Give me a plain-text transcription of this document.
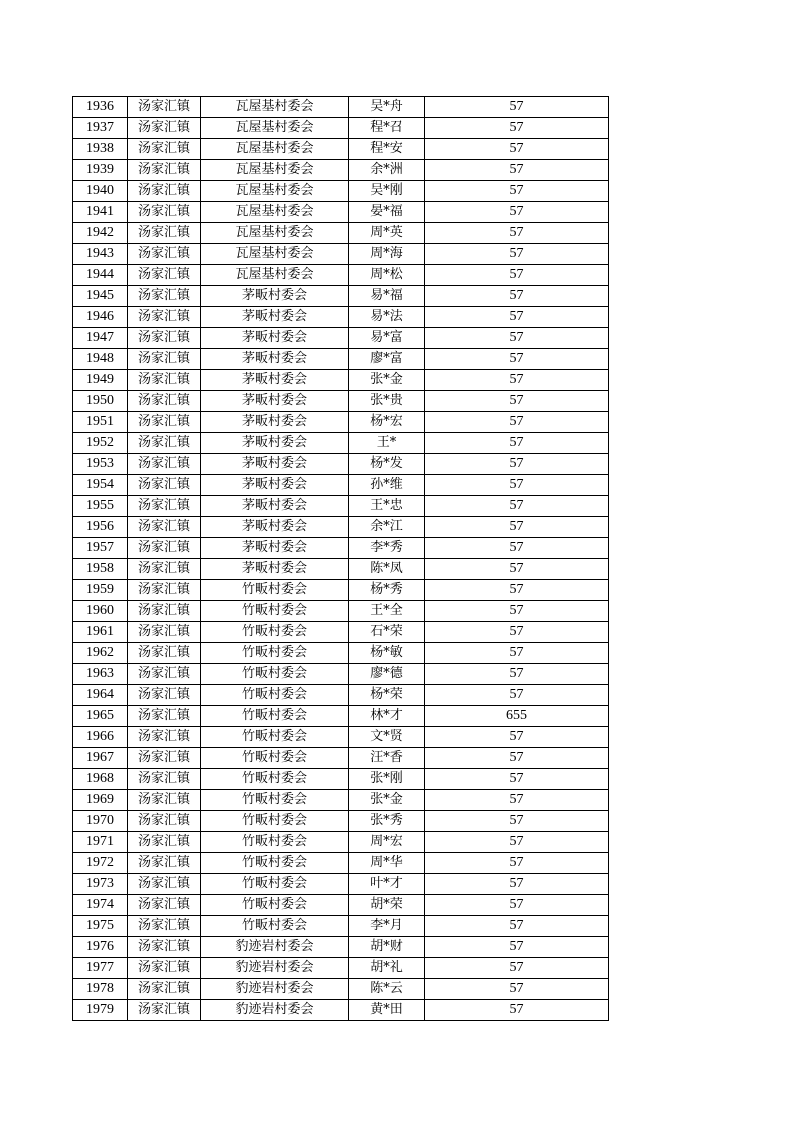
1936	汤家汇镇	瓦屋基村委会	吴*舟	57
1937	汤家汇镇	瓦屋基村委会	程*召	57
1938	汤家汇镇	瓦屋基村委会	程*安	57
1939	汤家汇镇	瓦屋基村委会	余*洲	57
1940	汤家汇镇	瓦屋基村委会	吴*刚	57
1941	汤家汇镇	瓦屋基村委会	晏*福	57
1942	汤家汇镇	瓦屋基村委会	周*英	57
1943	汤家汇镇	瓦屋基村委会	周*海	57
1944	汤家汇镇	瓦屋基村委会	周*松	57
1945	汤家汇镇	茅畈村委会	易*福	57
1946	汤家汇镇	茅畈村委会	易*法	57
1947	汤家汇镇	茅畈村委会	易*富	57
1948	汤家汇镇	茅畈村委会	廖*富	57
1949	汤家汇镇	茅畈村委会	张*金	57
1950	汤家汇镇	茅畈村委会	张*贵	57
1951	汤家汇镇	茅畈村委会	杨*宏	57
1952	汤家汇镇	茅畈村委会	王*	57
1953	汤家汇镇	茅畈村委会	杨*发	57
1954	汤家汇镇	茅畈村委会	孙*维	57
1955	汤家汇镇	茅畈村委会	王*忠	57
1956	汤家汇镇	茅畈村委会	余*江	57
1957	汤家汇镇	茅畈村委会	李*秀	57
1958	汤家汇镇	茅畈村委会	陈*凤	57
1959	汤家汇镇	竹畈村委会	杨*秀	57
1960	汤家汇镇	竹畈村委会	王*全	57
1961	汤家汇镇	竹畈村委会	石*荣	57
1962	汤家汇镇	竹畈村委会	杨*敏	57
1963	汤家汇镇	竹畈村委会	廖*德	57
1964	汤家汇镇	竹畈村委会	杨*荣	57
1965	汤家汇镇	竹畈村委会	林*才	655
1966	汤家汇镇	竹畈村委会	文*贤	57
1967	汤家汇镇	竹畈村委会	汪*香	57
1968	汤家汇镇	竹畈村委会	张*刚	57
1969	汤家汇镇	竹畈村委会	张*金	57
1970	汤家汇镇	竹畈村委会	张*秀	57
1971	汤家汇镇	竹畈村委会	周*宏	57
1972	汤家汇镇	竹畈村委会	周*华	57
1973	汤家汇镇	竹畈村委会	叶*才	57
1974	汤家汇镇	竹畈村委会	胡*荣	57
1975	汤家汇镇	竹畈村委会	李*月	57
1976	汤家汇镇	豹迹岩村委会	胡*财	57
1977	汤家汇镇	豹迹岩村委会	胡*礼	57
1978	汤家汇镇	豹迹岩村委会	陈*云	57
1979	汤家汇镇	豹迹岩村委会	黄*田	57
